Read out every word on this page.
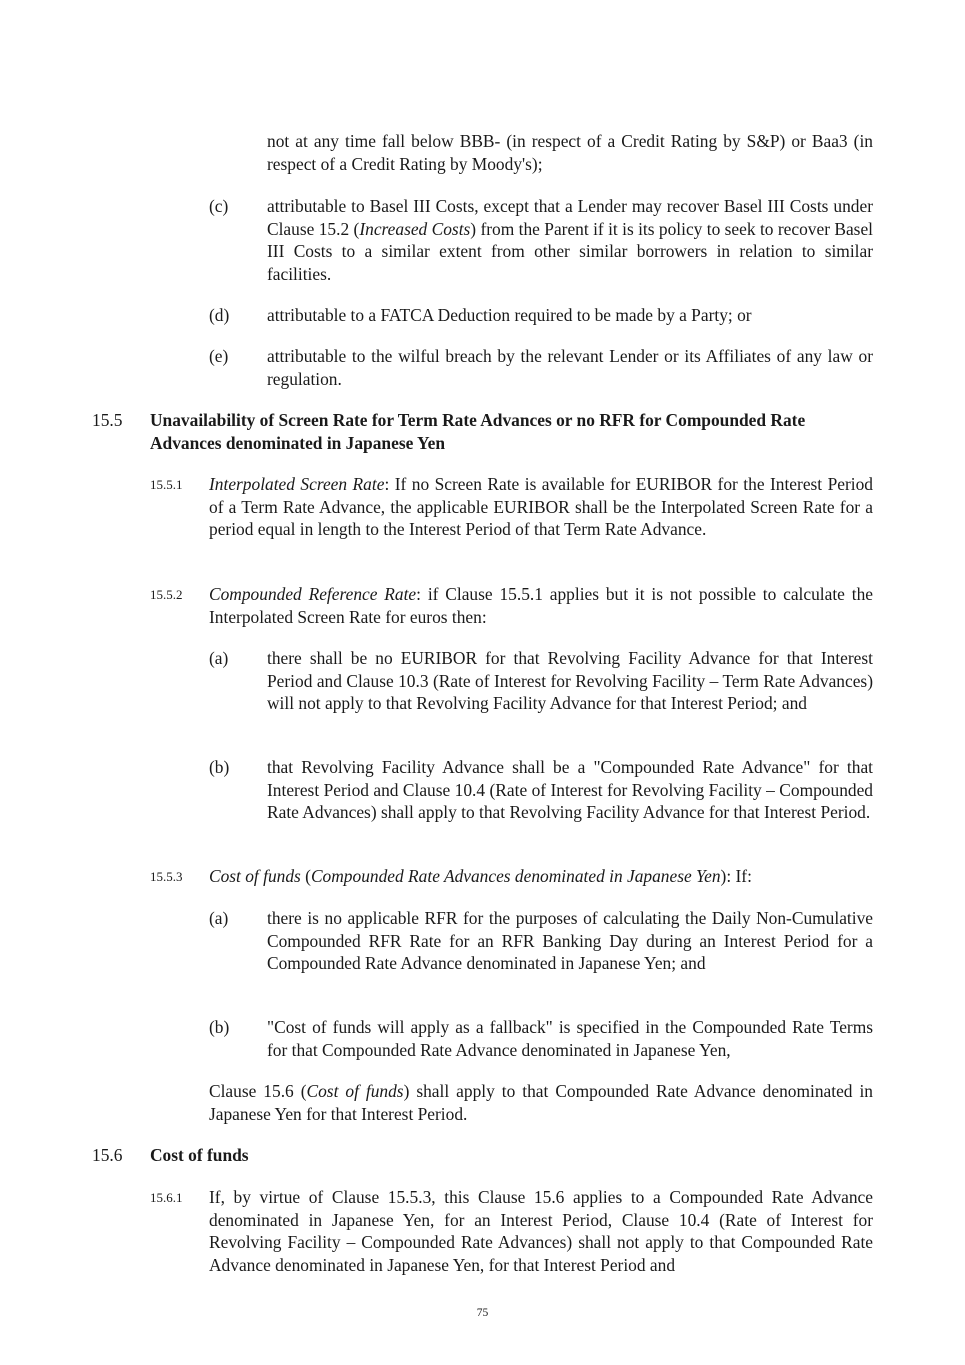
not at any time fall below BBB- (in respect of a Credit Rating by S&P) or Baa3 (in respect of a Credit Rating by Moody's);

(c) attributable to Basel III Costs, except that a Lender may recover Basel III Costs under Clause 15.2 (Increased Costs) from the Parent if it is its policy to seek to recover Basel III Costs to a similar extent from other similar borrowers in relation to similar facilities.

(d) attributable to a FATCA Deduction required to be made by a Party; or

(e) attributable to the wilful breach by the relevant Lender or its Affiliates of any law or regulation.

15.5 Unavailability of Screen Rate for Term Rate Advances or no RFR for Compounded Rate Advances denominated in Japanese Yen

15.5.1 Interpolated Screen Rate: If no Screen Rate is available for EURIBOR for the Interest Period of a Term Rate Advance, the applicable EURIBOR shall be the Interpolated Screen Rate for a period equal in length to the Interest Period of that Term Rate Advance.

15.5.2 Compounded Reference Rate: if Clause 15.5.1 applies but it is not possible to calculate the Interpolated Screen Rate for euros then:

(a) there shall be no EURIBOR for that Revolving Facility Advance for that Interest Period and Clause 10.3 (Rate of Interest for Revolving Facility – Term Rate Advances) will not apply to that Revolving Facility Advance for that Interest Period; and

(b) that Revolving Facility Advance shall be a "Compounded Rate Advance" for that Interest Period and Clause 10.4 (Rate of Interest for Revolving Facility – Compounded Rate Advances) shall apply to that Revolving Facility Advance for that Interest Period.

15.5.3 Cost of funds (Compounded Rate Advances denominated in Japanese Yen): If:

(a) there is no applicable RFR for the purposes of calculating the Daily Non-Cumulative Compounded RFR Rate for an RFR Banking Day during an Interest Period for a Compounded Rate Advance denominated in Japanese Yen; and

(b) "Cost of funds will apply as a fallback" is specified in the Compounded Rate Terms for that Compounded Rate Advance denominated in Japanese Yen,

Clause 15.6 (Cost of funds) shall apply to that Compounded Rate Advance denominated in Japanese Yen for that Interest Period.

15.6 Cost of funds

15.6.1 If, by virtue of Clause 15.5.3, this Clause 15.6 applies to a Compounded Rate Advance denominated in Japanese Yen, for an Interest Period, Clause 10.4 (Rate of Interest for Revolving Facility – Compounded Rate Advances) shall not apply to that Compounded Rate Advance denominated in Japanese Yen, for that Interest Period and

75
